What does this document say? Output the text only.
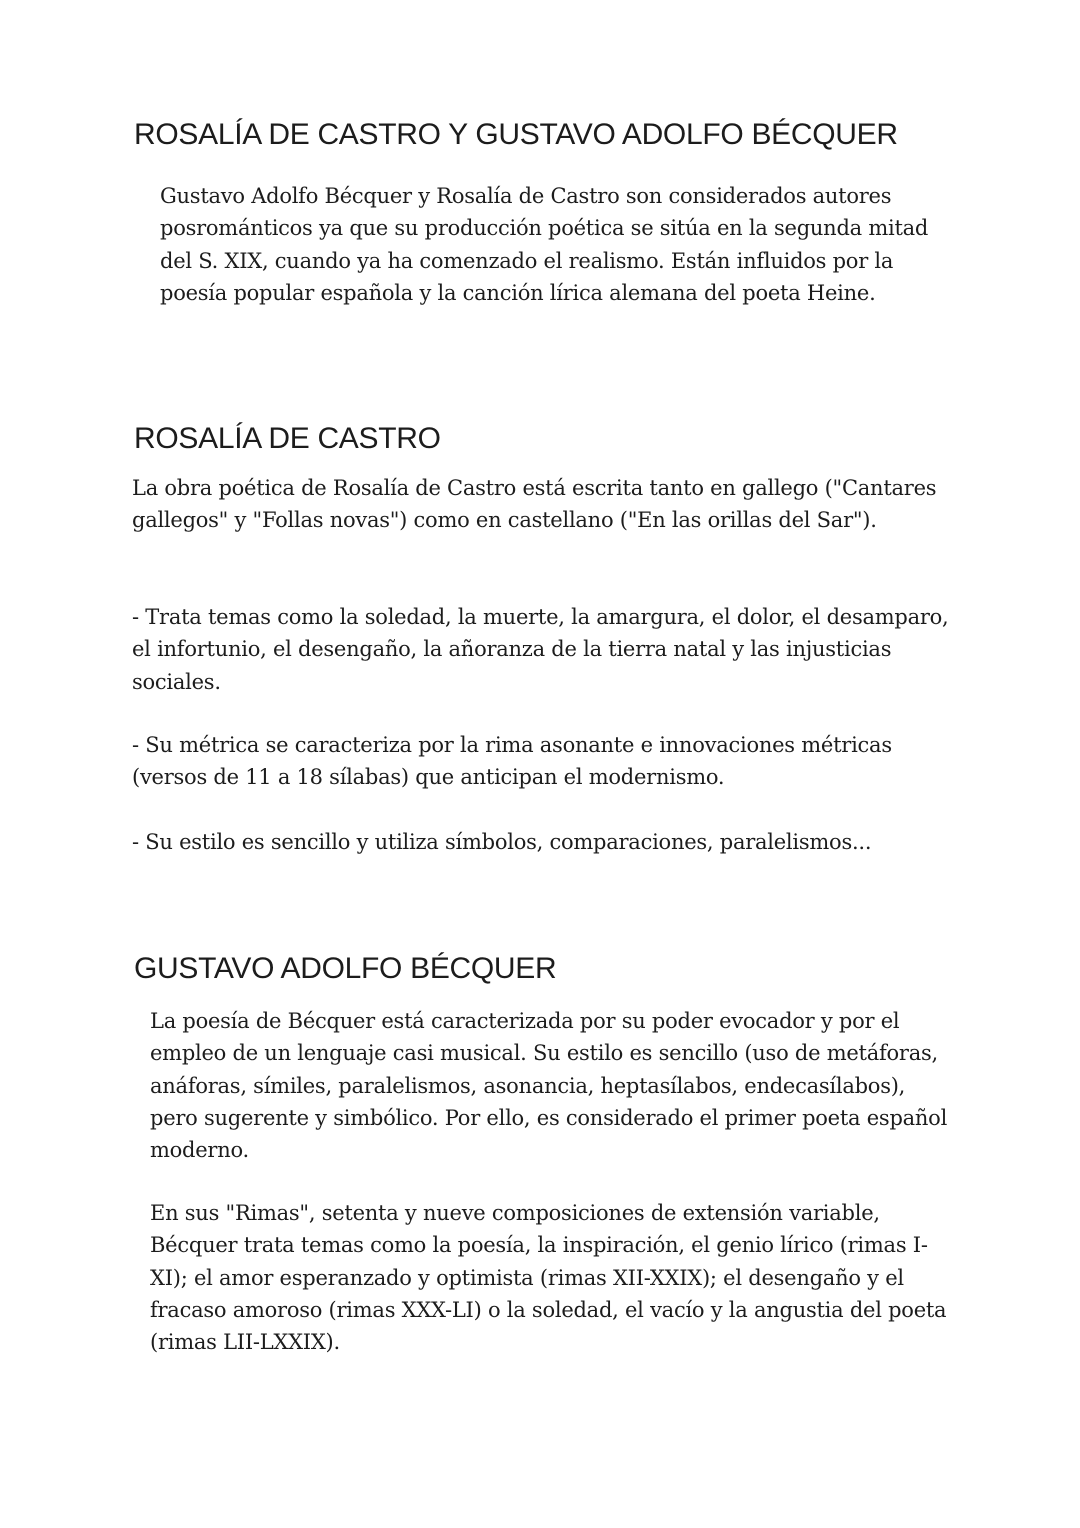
ROSALÍA DE CASTRO Y GUSTAVO ADOLFO BÉCQUER

Gustavo Adolfo Bécquer y Rosalía de Castro son considerados autores posrománticos ya que su producción poética se sitúa en la segunda mitad del S. XIX, cuando ya ha comenzado el realismo. Están influidos por la poesía popular española y la canción lírica alemana del poeta Heine.

ROSALÍA DE CASTRO

La obra poética de Rosalía de Castro está escrita tanto en gallego ("Cantares gallegos" y "Follas novas") como en castellano ("En las orillas del Sar").

- Trata temas como la soledad, la muerte, la amargura, el dolor, el desamparo, el infortunio, el desengaño, la añoranza de la tierra natal y las injusticias sociales.

- Su métrica se caracteriza por la rima asonante e innovaciones métricas (versos de 11 a 18 sílabas) que anticipan el modernismo.

- Su estilo es sencillo y utiliza símbolos, comparaciones, paralelismos...

GUSTAVO ADOLFO BÉCQUER

La poesía de Bécquer está caracterizada por su poder evocador y por el empleo de un lenguaje casi musical. Su estilo es sencillo (uso de metáforas, anáforas, símiles, paralelismos, asonancia, heptasílabos, endecasílabos), pero sugerente y simbólico. Por ello, es considerado el primer poeta español moderno.

En sus "Rimas", setenta y nueve composiciones de extensión variable, Bécquer trata temas como la poesía, la inspiración, el genio lírico (rimas I-XI); el amor esperanzado y optimista (rimas XII-XXIX); el desengaño y el fracaso amoroso (rimas XXX-LI) o la soledad, el vacío y la angustia del poeta (rimas LII-LXXIX).
